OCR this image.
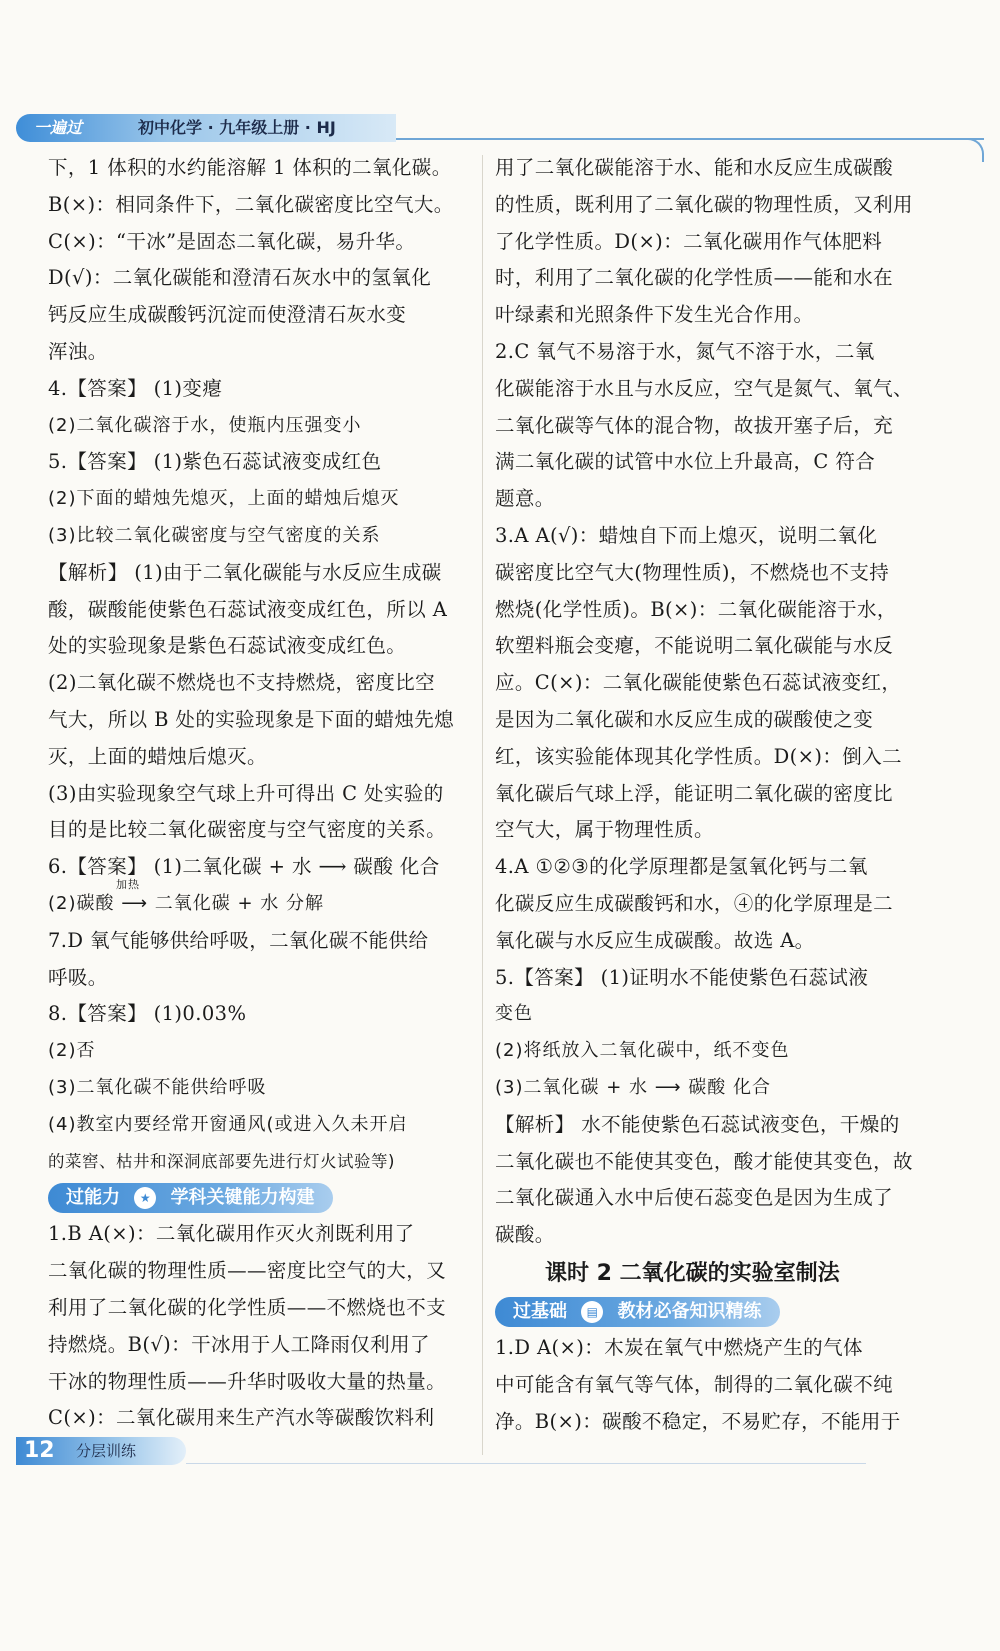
一遍过	初中化学 · 九年级上册 · HJ
下，1 体积的水约能溶解 1 体积的二氧化碳。
B(×)：相同条件下，二氧化碳密度比空气大。
C(×)：“干冰”是固态二氧化碳，易升华。
D(√)：二氧化碳能和澄清石灰水中的氢氧化
钙反应生成碳酸钙沉淀而使澄清石灰水变
浑浊。
4.【答案】 (1)变瘪
(2)二氧化碳溶于水，使瓶内压强变小
5.【答案】 (1)紫色石蕊试液变成红色
(2)下面的蜡烛先熄灭，上面的蜡烛后熄灭
(3)比较二氧化碳密度与空气密度的关系
【解析】 (1)由于二氧化碳能与水反应生成碳
酸，碳酸能使紫色石蕊试液变成红色，所以 A
处的实验现象是紫色石蕊试液变成红色。
(2)二氧化碳不燃烧也不支持燃烧，密度比空
气大，所以 B 处的实验现象是下面的蜡烛先熄
灭，上面的蜡烛后熄灭。
(3)由实验现象空气球上升可得出 C 处实验的
目的是比较二氧化碳密度与空气密度的关系。
6.【答案】 (1)二氧化碳 + 水 ⟶ 碳酸 化合
加热
(2)碳酸 ⟶ 二氧化碳 + 水 分解
7.D 氧气能够供给呼吸，二氧化碳不能供给
呼吸。
8.【答案】 (1)0.03%
(2)否
(3)二氧化碳不能供给呼吸
(4)教室内要经常开窗通风(或进入久未开启
的菜窖、枯井和深洞底部要先进行灯火试验等)
过能力 ★ 学科关键能力构建
1.B A(×)：二氧化碳用作灭火剂既利用了
二氧化碳的物理性质——密度比空气的大，又
利用了二氧化碳的化学性质——不燃烧也不支
持燃烧。B(√)：干冰用于人工降雨仅利用了
干冰的物理性质——升华时吸收大量的热量。
C(×)：二氧化碳用来生产汽水等碳酸饮料利
用了二氧化碳能溶于水、能和水反应生成碳酸
的性质，既利用了二氧化碳的物理性质，又利用
了化学性质。D(×)：二氧化碳用作气体肥料
时，利用了二氧化碳的化学性质——能和水在
叶绿素和光照条件下发生光合作用。
2.C 氧气不易溶于水，氮气不溶于水，二氧
化碳能溶于水且与水反应，空气是氮气、氧气、
二氧化碳等气体的混合物，故拔开塞子后，充
满二氧化碳的试管中水位上升最高，C 符合
题意。
3.A A(√)：蜡烛自下而上熄灭，说明二氧化
碳密度比空气大(物理性质)，不燃烧也不支持
燃烧(化学性质)。B(×)：二氧化碳能溶于水，
软塑料瓶会变瘪，不能说明二氧化碳能与水反
应。C(×)：二氧化碳能使紫色石蕊试液变红，
是因为二氧化碳和水反应生成的碳酸使之变
红，该实验能体现其化学性质。D(×)：倒入二
氧化碳后气球上浮，能证明二氧化碳的密度比
空气大，属于物理性质。
4.A ①②③的化学原理都是氢氧化钙与二氧
化碳反应生成碳酸钙和水，④的化学原理是二
氧化碳与水反应生成碳酸。故选 A。
5.【答案】 (1)证明水不能使紫色石蕊试液
变色
(2)将纸放入二氧化碳中，纸不变色
(3)二氧化碳 + 水 ⟶ 碳酸 化合
【解析】 水不能使紫色石蕊试液变色，干燥的
二氧化碳也不能使其变色，酸才能使其变色，故
二氧化碳通入水中后使石蕊变色是因为生成了
碳酸。
课时 2 二氧化碳的实验室制法
过基础 ▤ 教材必备知识精练
1.D A(×)：木炭在氧气中燃烧产生的气体
中可能含有氧气等气体，制得的二氧化碳不纯
净。B(×)：碳酸不稳定，不易贮存，不能用于
12 分层训练
